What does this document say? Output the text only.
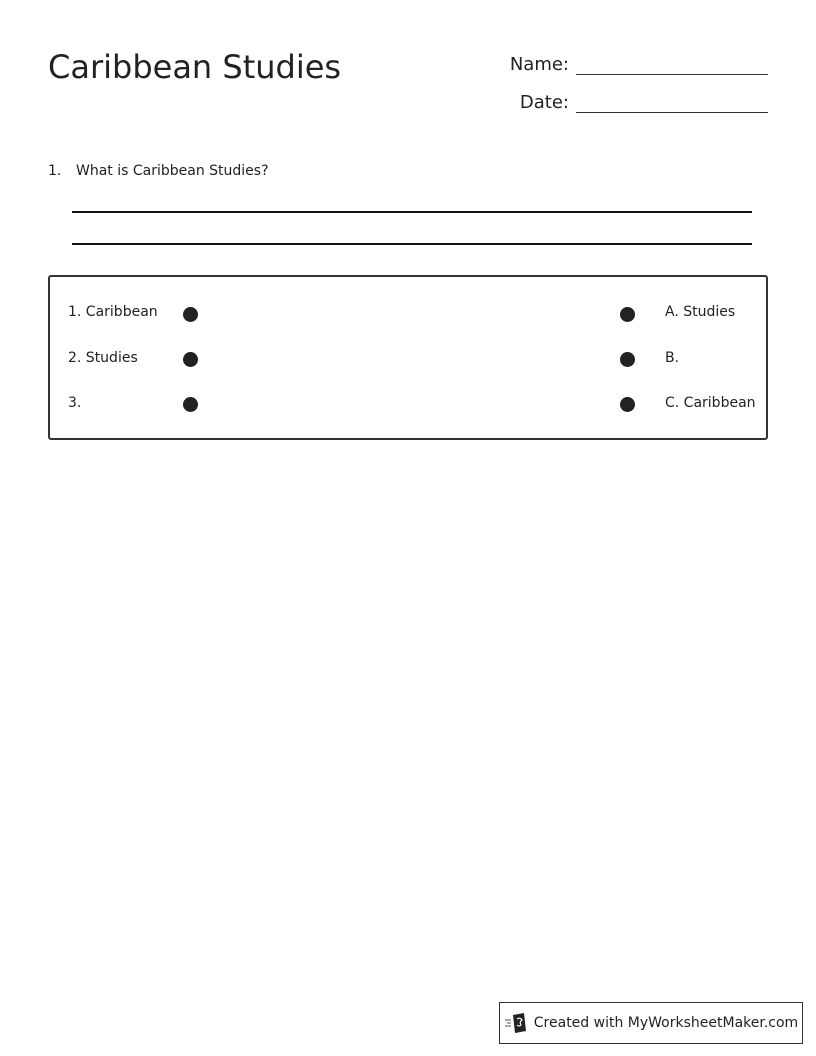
Caribbean Studies	Name:
Date:
1.	What is Caribbean Studies?
1. Caribbean	A. Studies
2. Studies	B.
3.	C. Caribbean
Created with MyWorksheetMaker.com
